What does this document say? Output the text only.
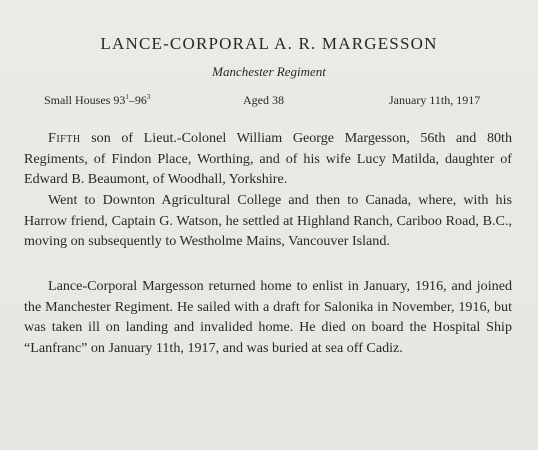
LANCE-CORPORAL A. R. MARGESSON
Manchester Regiment
Small Houses $93^1-96^3$	Aged 38	January 11th, 1917

Fifth son of Lieut.-Colonel William George Margesson, 56th and 80th Regiments, of Findon Place, Worthing, and of his wife Lucy Matilda, daughter of Edward B. Beaumont, of Woodhall, Yorkshire.

Went to Downton Agricultural College and then to Canada, where, with his Harrow friend, Captain G. Watson, he settled at Highland Ranch, Cariboo Road, B.C., moving on subsequently to Westholme Mains, Vancouver Island.

Lance-Corporal Margesson returned home to enlist in January, 1916, and joined the Manchester Regiment. He sailed with a draft for Salonika in November, 1916, but was taken ill on landing and invalided home. He died on board the Hospital Ship “Lanfranc” on January 11th, 1917, and was buried at sea off Cadiz.
